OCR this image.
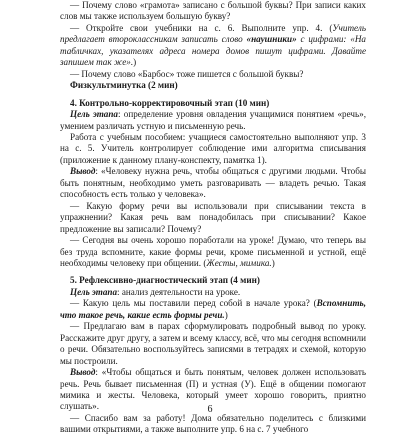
— Почему слово «грамота» записано с большой буквы? При записи каких слов мы также используем большую букву?

— Откройте свои учебники на с. 6. Выполните упр. 4. (Учитель предлагает второклассникам записать слово «наушники» с цифрами: «На табличках, указателях адреса номера домов пишут цифрами. Давайте запишем так же».)

— Почему слово «Барбос» тоже пишется с большой буквы?

Физкультминутка (2 мин)

4. Контрольно-корректировочный этап (10 мин)

Цель этапа: определение уровня овладения учащимися понятием «речь», умением различать устную и письменную речь.

Работа с учебным пособием: учащиеся самостоятельно выполняют упр. 3 на с. 5. Учитель контролирует соблюдение ими алгоритма списывания (приложение к данному плану-конспекту, памятка 1).

Вывод: «Человеку нужна речь, чтобы общаться с другими людьми. Чтобы быть понятным, необходимо уметь разговаривать — владеть речью. Такая способность есть только у человека».

— Какую форму речи вы использовали при списывании текста в упражнении? Какая речь вам понадобилась при списывании? Какое предложение вы записали? Почему?

— Сегодня вы очень хорошо поработали на уроке! Думаю, что теперь вы без труда вспомните, какие формы речи, кроме письменной и устной, ещё необходимы человеку при общении. (Жесты, мимика.)

5. Рефлексивно-диагностический этап (4 мин)

Цель этапа: анализ деятельности на уроке.

— Какую цель мы поставили перед собой в начале урока? (Вспомнить, что такое речь, какие есть формы речи.)

— Предлагаю вам в парах сформулировать подробный вывод по уроку. Расскажите друг другу, а затем и всему классу, всё, что мы сегодня вспомнили о речи. Обязательно воспользуйтесь записями в тетрадях и схемой, которую мы построили.

Вывод: «Чтобы общаться и быть понятым, человек должен использовать речь. Речь бывает письменная (П) и устная (У). Ещё в общении помогают мимика и жесты. Человека, который умеет хорошо говорить, приятно слушать».

— Спасибо вам за работу! Дома обязательно поделитесь с близкими вашими открытиями, а также выполните упр. 6 на с. 7 учебного

6
